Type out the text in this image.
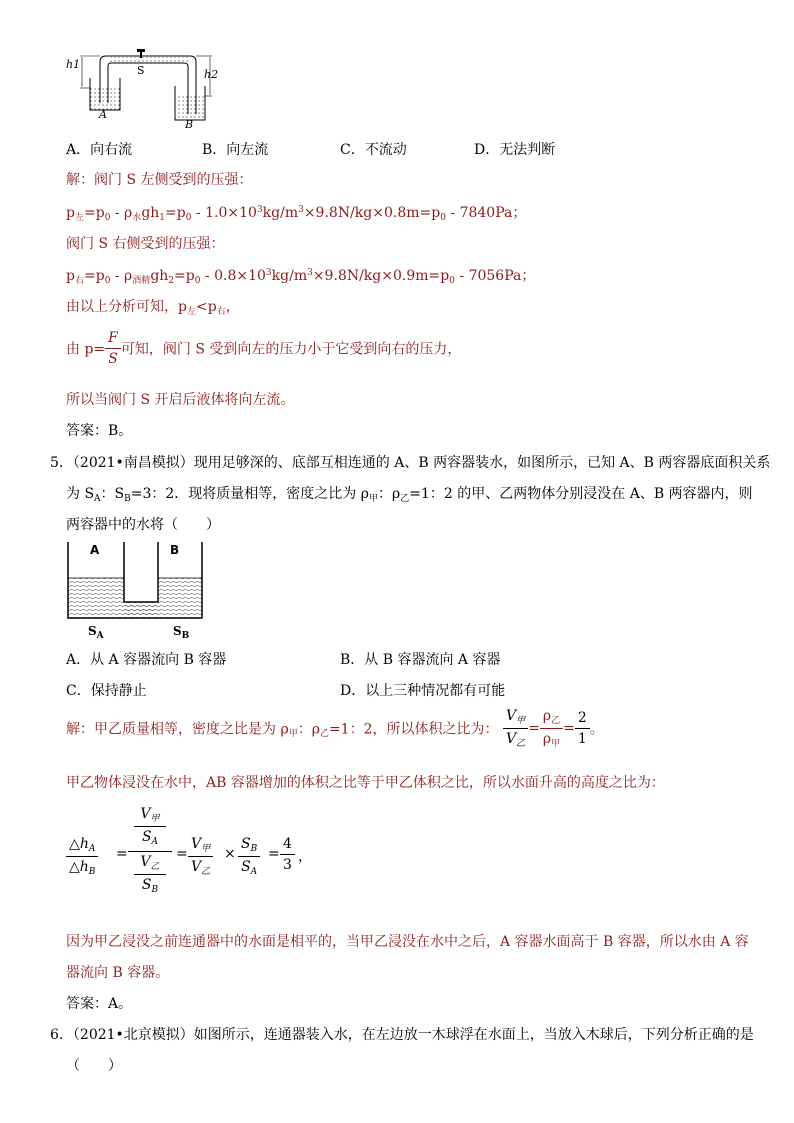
h1
h2
S
A
B
A．向右流	B．向左流	C．不流动	D．无法判断
解：阀门 S 左侧受到的压强：
$p_左=p_0 - \rho_水gh_1=p_0 - 1.0\times 10^3kg/m^3\times 9.8N/kg\times 0.8m=p_0 - 7840Pa$；
阀门 S 右侧受到的压强：
$p_右=p_0 - \rho_{酒精}gh_2=p_0 - 0.8\times 10^3kg/m^3\times 9.8N/kg\times 0.9m=p_0 - 7056Pa$；
由以上分析可知，$p_左<p_右$，
由 $p= \frac{F}{S}$ 可知，阀门 S 受到向左的压力小于它受到向右的压力，
所以当阀门 S 开启后液体将向左流。
答案：B。
5．（2021•南昌模拟）现用足够深的、底部互相连通的 A、B 两容器装水，如图所示，已知 A、B 两容器底面积关系
为 $S_A$：$S_B=3$：2．现将质量相等，密度之比为 $\rho_甲$：$\rho_乙=1$：2 的甲、乙两物体分别浸没在 A、B 两容器内，则
两容器中的水将（　　）
A	B
$S_A$	$S_B$
A．从 A 容器流向 B 容器	B．从 B 容器流向 A 容器
C．保持静止	D．以上三种情况都有可能
解：甲乙质量相等，密度之比是为 $\rho_甲$：$\rho_乙=1$：2，所以体积之比为： $\frac{V_甲}{V_乙} = \frac{\rho_乙}{\rho_甲} = \frac{2}{1}$ 。
甲乙物体浸没在水中，AB 容器增加的体积之比等于甲乙体积之比，所以水面升高的高度之比为：
$\frac{\triangle h_A}{\triangle h_B}$ =
$V_甲$
$S_A$
$V_乙$
$S_B$
=
$V_甲$
$V_乙$
× $\frac{S_B}{S_A} = \frac{4}{3}$ ，
因为甲乙浸没之前连通器中的水面是相平的，当甲乙浸没在水中之后，A 容器水面高于 B 容器，所以水由 A 容
器流向 B 容器。
答案：A。
6．（2021•北京模拟）如图所示，连通器装入水，在左边放一木球浮在水面上，当放入木球后，下列分析正确的是
（　　）
